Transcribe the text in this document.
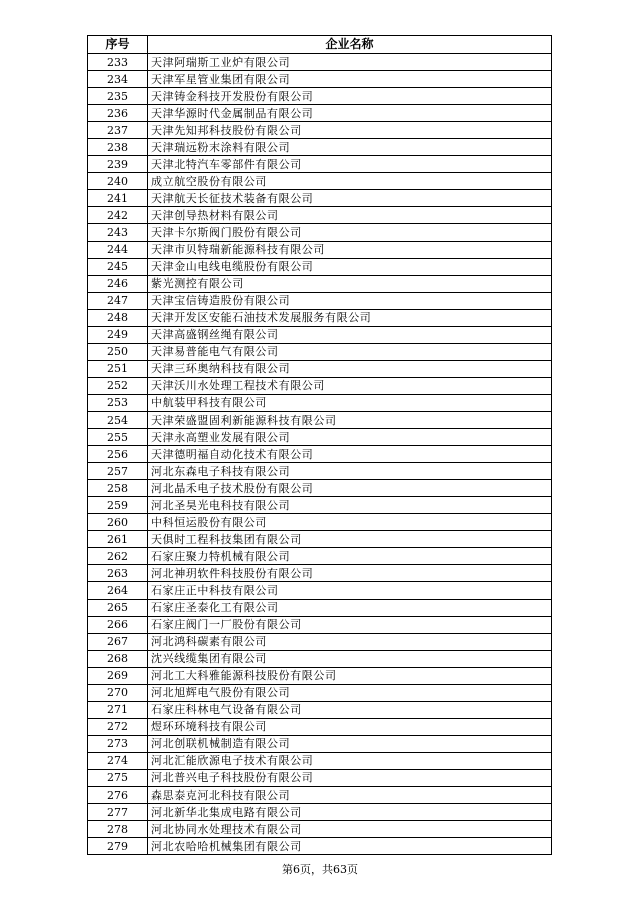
序号	企业名称
233	天津阿瑞斯工业炉有限公司
234	天津军星管业集团有限公司
235	天津铸金科技开发股份有限公司
236	天津华源时代金属制品有限公司
237	天津先知邦科技股份有限公司
238	天津瑞远粉末涂料有限公司
239	天津北特汽车零部件有限公司
240	成立航空股份有限公司
241	天津航天长征技术装备有限公司
242	天津创导热材料有限公司
243	天津卡尔斯阀门股份有限公司
244	天津市贝特瑞新能源科技有限公司
245	天津金山电线电缆股份有限公司
246	紫光测控有限公司
247	天津宝信铸造股份有限公司
248	天津开发区安能石油技术发展服务有限公司
249	天津高盛钢丝绳有限公司
250	天津易普能电气有限公司
251	天津三环奥纳科技有限公司
252	天津沃川水处理工程技术有限公司
253	中航装甲科技有限公司
254	天津荣盛盟固利新能源科技有限公司
255	天津永高塑业发展有限公司
256	天津德明福自动化技术有限公司
257	河北东森电子科技有限公司
258	河北晶禾电子技术股份有限公司
259	河北圣昊光电科技有限公司
260	中科恒运股份有限公司
261	天俱时工程科技集团有限公司
262	石家庄聚力特机械有限公司
263	河北神玥软件科技股份有限公司
264	石家庄正中科技有限公司
265	石家庄圣泰化工有限公司
266	石家庄阀门一厂股份有限公司
267	河北鸿科碳素有限公司
268	沈兴线缆集团有限公司
269	河北工大科雅能源科技股份有限公司
270	河北旭辉电气股份有限公司
271	石家庄科林电气设备有限公司
272	煜环环境科技有限公司
273	河北创联机械制造有限公司
274	河北汇能欣源电子技术有限公司
275	河北普兴电子科技股份有限公司
276	森思泰克河北科技有限公司
277	河北新华北集成电路有限公司
278	河北协同水处理技术有限公司
279	河北农哈哈机械集团有限公司
第6页，共63页
